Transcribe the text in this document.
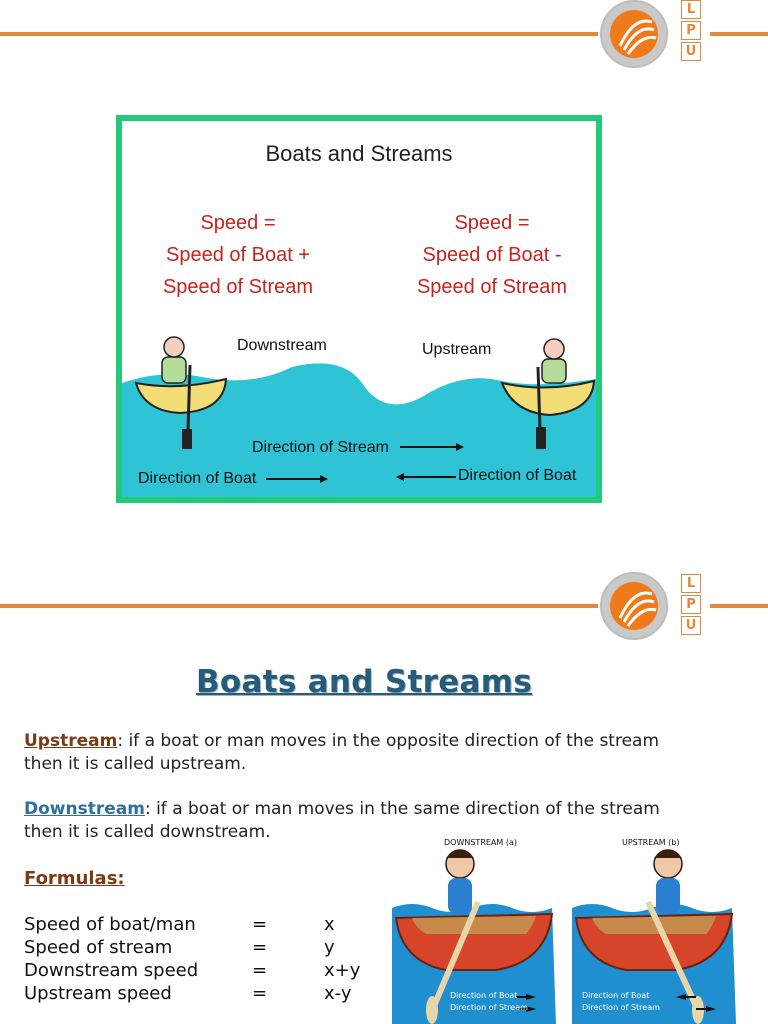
L
P
U
Boats and Streams
Speed =
Speed of Boat +
Speed of Stream
Speed =
Speed of Boat -
Speed of Stream
Downstream	Upstream
Direction of Stream
Direction of Boat	Direction of Boat
L
P
U
Boats and Streams
Upstream: if a boat or man moves in the opposite direction of the stream then it is called upstream.
Downstream: if a boat or man moves in the same direction of the stream then it is called downstream.
Formulas:
Speed of boat/man	=	x
Speed of stream	=	y
Downstream speed	=	x+y
Upstream speed	=	x-y
DOWNSTREAM (a)	UPSTREAM (b)
Direction of Boat
Direction of Stream
Direction of Boat
Direction of Stream
